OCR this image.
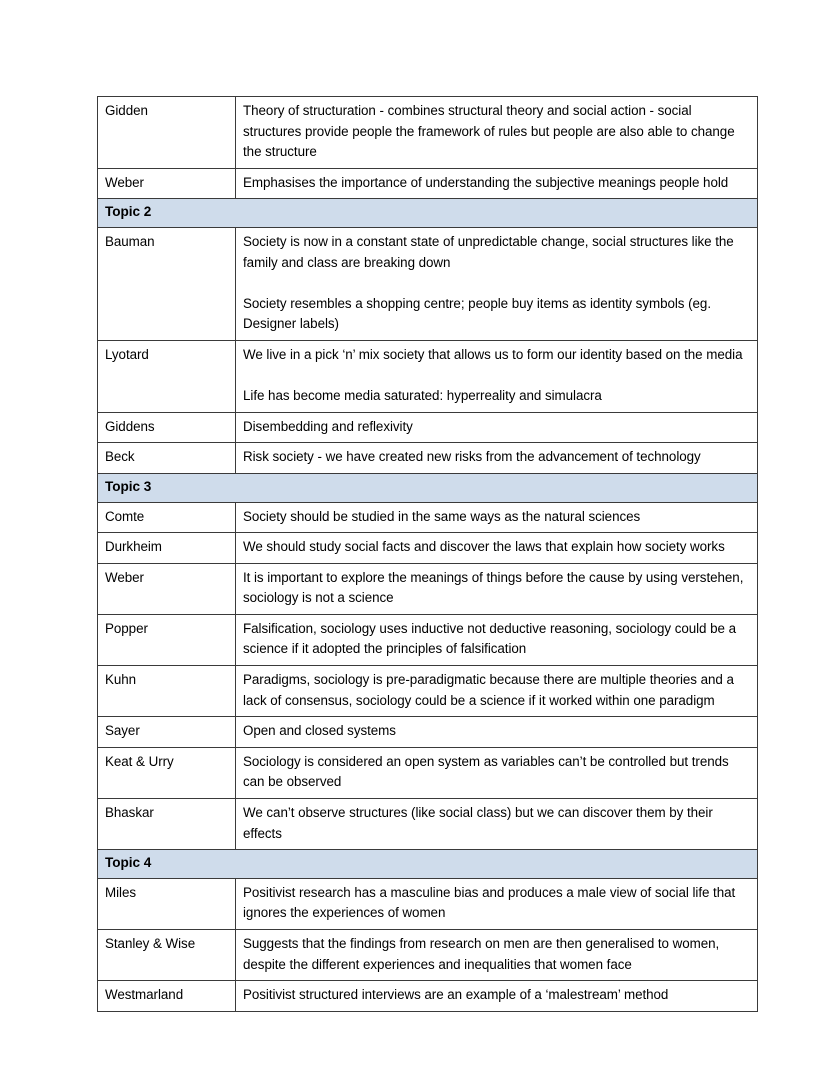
Gidden	Theory of structuration - combines structural theory and social action - social structures provide people the framework of rules but people are also able to change the structure

Weber	Emphasises the importance of understanding the subjective meanings people hold

Topic 2	
Bauman	Society is now in a constant state of unpredictable change, social structures like the family and class are breaking down
Society resembles a shopping centre; people buy items as identity symbols (eg. Designer labels)

Lyotard	We live in a pick ‘n’ mix society that allows us to form our identity based on the media
Life has become media saturated: hyperreality and simulacra

Giddens	Disembedding and reflexivity

Beck	Risk society - we have created new risks from the advancement of technology

Topic 3	
Comte	Society should be studied in the same ways as the natural sciences

Durkheim	We should study social facts and discover the laws that explain how society works

Weber	It is important to explore the meanings of things before the cause by using verstehen, sociology is not a science

Popper	Falsification, sociology uses inductive not deductive reasoning, sociology could be a science if it adopted the principles of falsification

Kuhn	Paradigms, sociology is pre-paradigmatic because there are multiple theories and a lack of consensus, sociology could be a science if it worked within one paradigm

Sayer	Open and closed systems

Keat & Urry	Sociology is considered an open system as variables can’t be controlled but trends can be observed

Bhaskar	We can’t observe structures (like social class) but we can discover them by their effects

Topic 4	
Miles	Positivist research has a masculine bias and produces a male view of social life that ignores the experiences of women

Stanley & Wise	Suggests that the findings from research on men are then generalised to women, despite the different experiences and inequalities that women face

Westmarland	Positivist structured interviews are an example of a ‘malestream’ method
